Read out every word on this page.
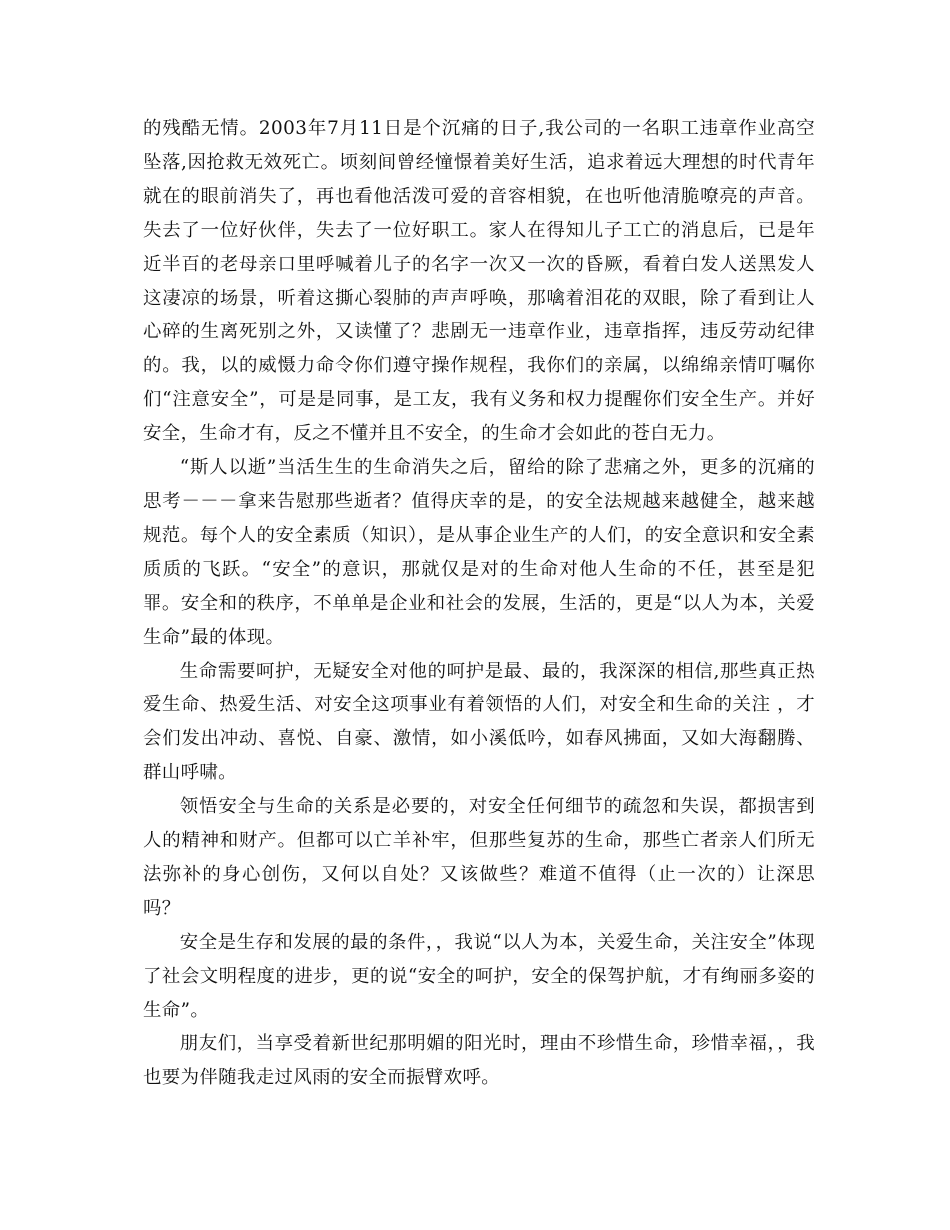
的残酷无情。2003年7月11日是个沉痛的日子,我公司的一名职工违章作业高空坠落,因抢救无效死亡。顷刻间曾经憧憬着美好生活，追求着远大理想的时代青年就在的眼前消失了，再也看他活泼可爱的音容相貌，在也听他清脆嘹亮的声音。失去了一位好伙伴，失去了一位好职工。家人在得知儿子工亡的消息后，已是年近半百的老母亲口里呼喊着儿子的名字一次又一次的昏厥，看着白发人送黑发人这凄凉的场景，听着这撕心裂肺的声声呼唤，那噙着泪花的双眼，除了看到让人心碎的生离死别之外，又读懂了？悲剧无一违章作业，违章指挥，违反劳动纪律的。我，以的威慑力命令你们遵守操作规程，我你们的亲属，以绵绵亲情叮嘱你们“注意安全”，可是是同事，是工友，我有义务和权力提醒你们安全生产。并好安全，生命才有，反之不懂并且不安全，的生命才会如此的苍白无力。

“斯人以逝”当活生生的生命消失之后，留给的除了悲痛之外，更多的沉痛的思考－－－拿来告慰那些逝者？值得庆幸的是，的安全法规越来越健全，越来越规范。每个人的安全素质（知识），是从事企业生产的人们，的安全意识和安全素质质的飞跃。“安全”的意识，那就仅是对的生命对他人生命的不任，甚至是犯罪。安全和的秩序，不单单是企业和社会的发展，生活的，更是“以人为本，关爱生命”最的体现。

生命需要呵护，无疑安全对他的呵护是最、最的，我深深的相信,那些真正热爱生命、热爱生活、对安全这项事业有着领悟的人们，对安全和生命的关注 ，才会们发出冲动、喜悦、自豪、激情，如小溪低吟，如春风拂面，又如大海翻腾、群山呼啸。

领悟安全与生命的关系是必要的，对安全任何细节的疏忽和失误，都损害到人的精神和财产。但都可以亡羊补牢，但那些复苏的生命，那些亡者亲人们所无法弥补的身心创伤，又何以自处？又该做些？难道不值得（止一次的）让深思吗？

安全是生存和发展的最的条件，，我说“以人为本，关爱生命，关注安全”体现了社会文明程度的进步，更的说“安全的呵护，安全的保驾护航，才有绚丽多姿的生命”。

朋友们，当享受着新世纪那明媚的阳光时，理由不珍惜生命，珍惜幸福，，我也要为伴随我走过风雨的安全而振臂欢呼。
